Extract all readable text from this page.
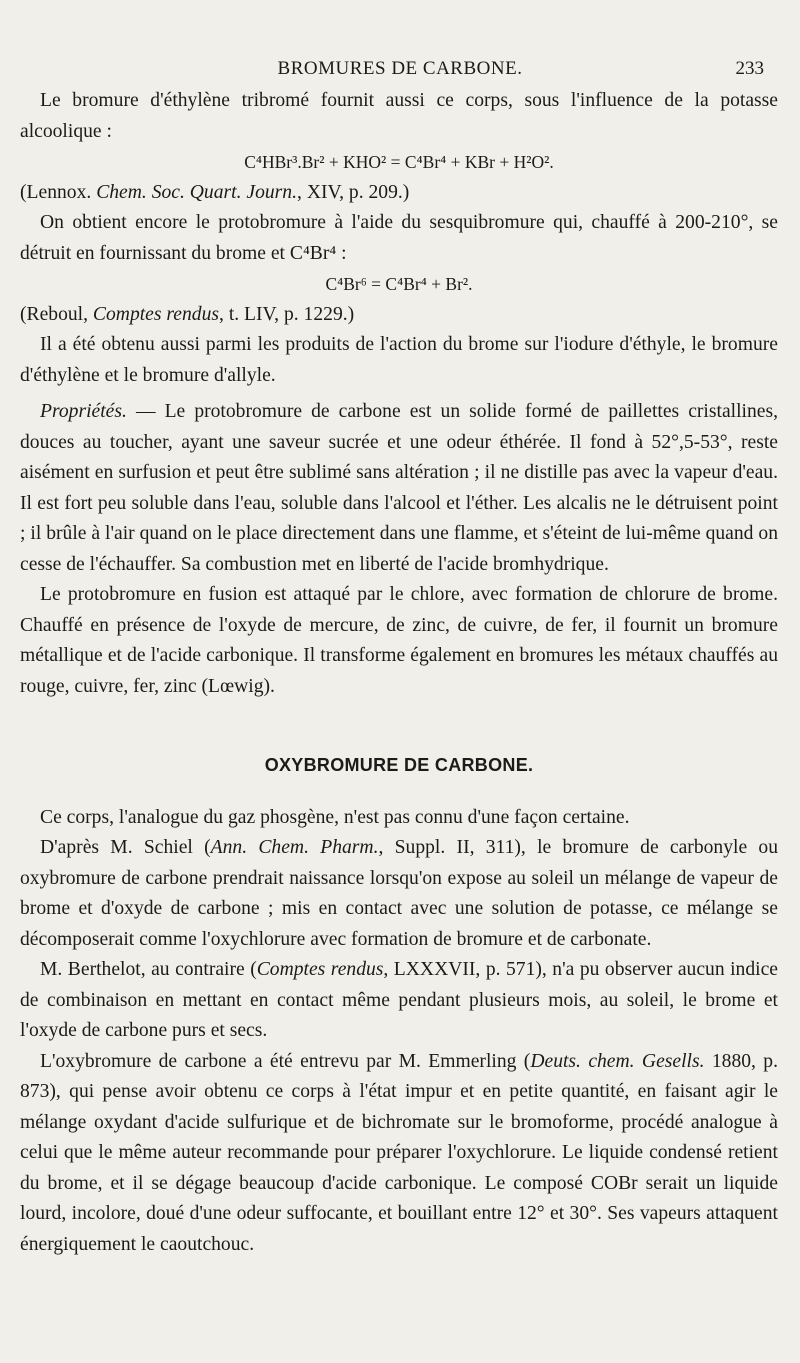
BROMURES DE CARBONE.	233

Le bromure d'éthylène tribromé fournit aussi ce corps, sous l'influence de la potasse alcoolique :

C⁴HBr³.Br² + KHO² = C⁴Br⁴ + KBr + H²O².

(Lennox. Chem. Soc. Quart. Journ., XIV, p. 209.)

On obtient encore le protobromure à l'aide du sesquibromure qui, chauffé à 200-210°, se détruit en fournissant du brome et C⁴Br⁴ :

C⁴Br⁶ = C⁴Br⁴ + Br².

(Reboul, Comptes rendus, t. LIV, p. 1229.)

Il a été obtenu aussi parmi les produits de l'action du brome sur l'iodure d'éthyle, le bromure d'éthylène et le bromure d'allyle.

Propriétés. — Le protobromure de carbone est un solide formé de paillettes cristallines, douces au toucher, ayant une saveur sucrée et une odeur éthérée. Il fond à 52°,5-53°, reste aisément en surfusion et peut être sublimé sans altération ; il ne distille pas avec la vapeur d'eau. Il est fort peu soluble dans l'eau, soluble dans l'alcool et l'éther. Les alcalis ne le détruisent point ; il brûle à l'air quand on le place directement dans une flamme, et s'éteint de lui-même quand on cesse de l'échauffer. Sa combustion met en liberté de l'acide bromhydrique.

Le protobromure en fusion est attaqué par le chlore, avec formation de chlorure de brome. Chauffé en présence de l'oxyde de mercure, de zinc, de cuivre, de fer, il fournit un bromure métallique et de l'acide carbonique. Il transforme également en bromures les métaux chauffés au rouge, cuivre, fer, zinc (Lœwig).

OXYBROMURE DE CARBONE.

Ce corps, l'analogue du gaz phosgène, n'est pas connu d'une façon certaine.

D'après M. Schiel (Ann. Chem. Pharm., Suppl. II, 311), le bromure de carbonyle ou oxybromure de carbone prendrait naissance lorsqu'on expose au soleil un mélange de vapeur de brome et d'oxyde de carbone ; mis en contact avec une solution de potasse, ce mélange se décomposerait comme l'oxychlorure avec formation de bromure et de carbonate.

M. Berthelot, au contraire (Comptes rendus, LXXXVII, p. 571), n'a pu observer aucun indice de combinaison en mettant en contact même pendant plusieurs mois, au soleil, le brome et l'oxyde de carbone purs et secs.

L'oxybromure de carbone a été entrevu par M. Emmerling (Deuts. chem. Gesells. 1880, p. 873), qui pense avoir obtenu ce corps à l'état impur et en petite quantité, en faisant agir le mélange oxydant d'acide sulfurique et de bichromate sur le bromoforme, procédé analogue à celui que le même auteur recommande pour préparer l'oxychlorure. Le liquide condensé retient du brome, et il se dégage beaucoup d'acide carbonique. Le composé COBr serait un liquide lourd, incolore, doué d'une odeur suffocante, et bouillant entre 12° et 30°. Ses vapeurs attaquent énergiquement le caoutchouc.
